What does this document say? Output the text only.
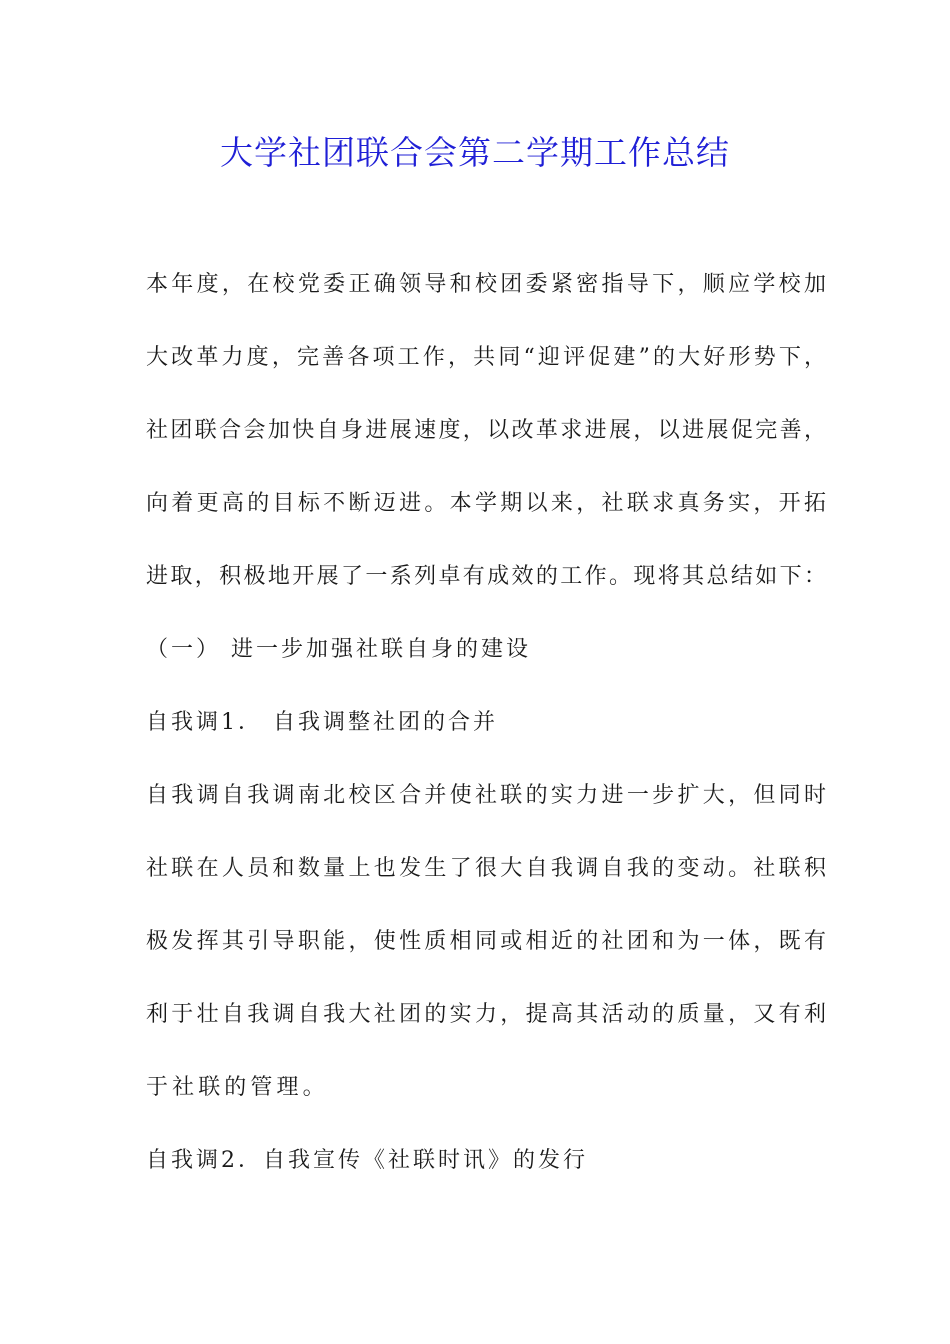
大学社团联合会第二学期工作总结
本年度，在校党委正确领导和校团委紧密指导下，顺应学校加
大改革力度，完善各项工作，共同“迎评促建”的大好形势下，
社团联合会加快自身进展速度，以改革求进展，以进展促完善，
向着更高的目标不断迈进。本学期以来，社联求真务实，开拓
进取，积极地开展了一系列卓有成效的工作。现将其总结如下：
（一） 进一步加强社联自身的建设
自我调1． 自我调整社团的合并
自我调自我调南北校区合并使社联的实力进一步扩大，但同时
社联在人员和数量上也发生了很大自我调自我的变动。社联积
极发挥其引导职能，使性质相同或相近的社团和为一体，既有
利于壮自我调自我大社团的实力，提高其活动的质量，又有利
于社联的管理。
自我调2．自我宣传《社联时讯》的发行
